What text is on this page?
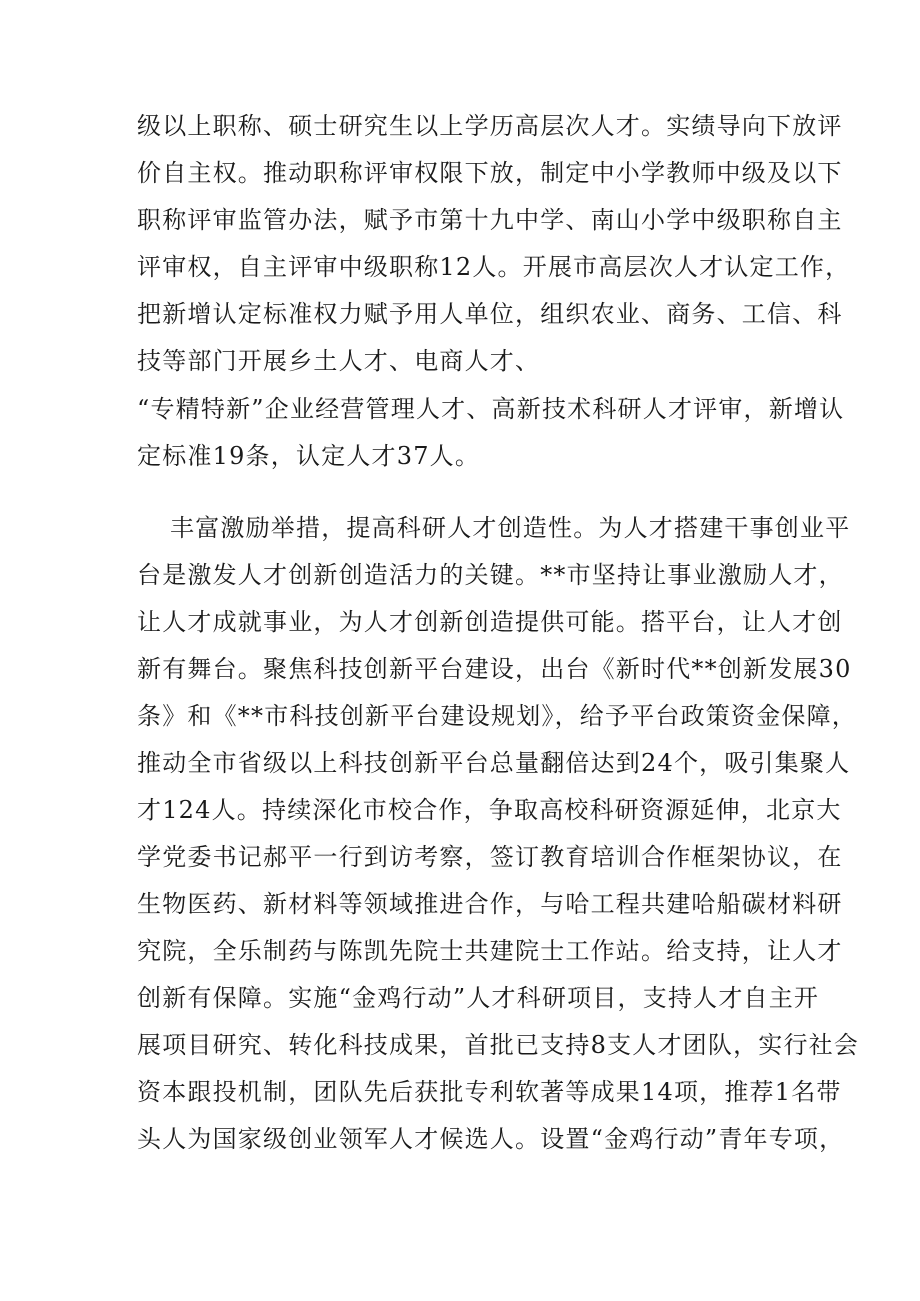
级以上职称、硕士研究生以上学历高层次人才。实绩导向下放评
价自主权。推动职称评审权限下放，制定中小学教师中级及以下
职称评审监管办法，赋予市第十九中学、南山小学中级职称自主
评审权，自主评审中级职称12人。开展市高层次人才认定工作，
把新增认定标准权力赋予用人单位，组织农业、商务、工信、科
技等部门开展乡土人才、电商人才、
“专精特新”企业经营管理人才、高新技术科研人才评审，新增认
定标准19条，认定人才37人。
丰富激励举措，提高科研人才创造性。为人才搭建干事创业平
台是激发人才创新创造活力的关键。**市坚持让事业激励人才，
让人才成就事业，为人才创新创造提供可能。搭平台，让人才创
新有舞台。聚焦科技创新平台建设，出台《新时代**创新发展30
条》和《**市科技创新平台建设规划》，给予平台政策资金保障，
推动全市省级以上科技创新平台总量翻倍达到24个，吸引集聚人
才124人。持续深化市校合作，争取高校科研资源延伸，北京大
学党委书记郝平一行到访考察，签订教育培训合作框架协议，在
生物医药、新材料等领域推进合作，与哈工程共建哈船碳材料研
究院，全乐制药与陈凯先院士共建院士工作站。给支持，让人才
创新有保障。实施“金鸡行动”人才科研项目，支持人才自主开
展项目研究、转化科技成果，首批已支持8支人才团队，实行社会
资本跟投机制，团队先后获批专利软著等成果14项，推荐1名带
头人为国家级创业领军人才候选人。设置“金鸡行动”青年专项，
